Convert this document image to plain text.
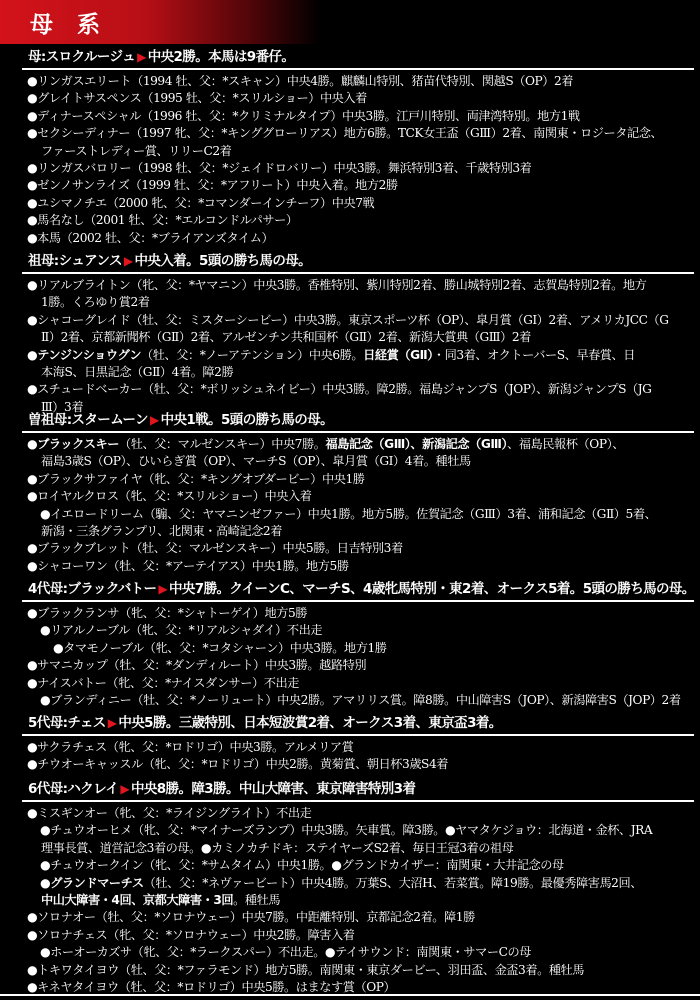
母 系
母:スロクルージュ ▶ 中央2勝。本馬は9番仔。
●リンガスエリート（1994 牡、父：*スキャン）中央4勝。麒麟山特別、猪苗代特別、関越S（OP）2着
●グレイトサスペンス（1995 牡、父：*スリルショー）中央入着
●ディナースペシャル（1996 牡、父：*クリミナルタイプ）中央3勝。江戸川特別、両津湾特別。地方1戦
●セクシーディナー（1997 牝、父：*キンググローリアス）地方6勝。TCK女王盃（GⅢ）2着、南関東・ロジータ記念、
ファーストレディー賞、リリーC2着
●リンガスバロリー（1998 牡、父：*ジェイドロバリー）中央3勝。舞浜特別3着、千歳特別3着
●ゼンノサンライズ（1999 牡、父：*アフリート）中央入着。地方2勝
●ユシマノチエ（2000 牝、父：*コマンダーインチーフ）中央7戦
●馬名なし（2001 牡、父：*エルコンドルパサー）
●本馬（2002 牡、父：*ブライアンズタイム）
祖母:シュアンス ▶ 中央入着。5頭の勝ち馬の母。
●リアルブライトン（牝、父：*ヤマニン）中央3勝。香椎特別、紫川特別2着、勝山城特別2着、志賀島特別2着。地方
1勝。くろゆり賞2着
●シャコーグレイド（牡、父：ミスターシービー）中央3勝。東京スポーツ杯（OP）、皐月賞（GⅠ）2着、アメリカJCC（G
Ⅱ）2着、京都新聞杯（GⅡ）2着、アルゼンチン共和国杯（GⅡ）2着、新潟大賞典（GⅢ）2着
●テンジンショウグン（牡、父：*ノーアテンション）中央6勝。日経賞（GⅡ）・同3着、オクトーバーS、早春賞、日
本海S、日黒記念（GⅡ）4着。障2勝
●スチュードベーカー（牡、父：*ボリッシュネイビー）中央3勝。障2勝。福島ジャンプS（JOP）、新潟ジャンプS（JG
Ⅲ）3着
曽祖母:スタームーン ▶ 中央1戦。5頭の勝ち馬の母。
●ブラックスキー（牡、父：マルゼンスキー）中央7勝。福島記念（GⅢ）、新潟記念（GⅢ）、福島民報杯（OP）、
福島3歳S（OP）、ひいらぎ賞（OP）、マーチS（OP）、皐月賞（GⅠ）4着。種牡馬
●ブラックサファイヤ（牝、父：*キングオブダービー）中央1勝
●ロイヤルクロス（牝、父：*スリルショー）中央入着
●イエロードリーム（騸、父：ヤマニンゼファー）中央1勝。地方5勝。佐賀記念（GⅢ）3着、浦和記念（GⅡ）5着、
新潟・三条グランプリ、北関東・高崎記念2着
●ブラックブレット（牡、父：マルゼンスキー）中央5勝。日吉特別3着
●シャコーワン（牡、父：*アーテイアス）中央1勝。地方5勝
4代母:ブラックバトー ▶ 中央7勝。クイーンC、マーチS、4歳牝馬特別・東2着、オークス5着。5頭の勝ち馬の母。
●ブラックランサ（牝、父：*シャトーゲイ）地方5勝
●リアルノーブル（牝、父：*リアルシャダイ）不出走
●タマモノーブル（牝、父：*コタシャーン）中央3勝。地方1勝
●サマニカップ（牡、父：*ダンディルート）中央3勝。越路特別
●ナイスバトー（牝、父：*ナイスダンサー）不出走
●ブランディニー（牡、父：*ノーリュート）中央2勝。アマリリス賞。障8勝。中山障害S（JOP）、新潟障害S（JOP）2着
5代母:チェス ▶ 中央5勝。三歳特別、日本短波賞2着、オークス3着、東京盃3着。
●サクラチェス（牝、父：*ロドリゴ）中央3勝。アルメリア賞
●チウオーキャッスル（牝、父：*ロドリゴ）中央2勝。黄菊賞、朝日杯3歳S4着
6代母:ハクレイ ▶ 中央8勝。障3勝。中山大障害、東京障害特別3着
●ミスギンオー（牝、父：*ライジングライト）不出走
●チュウオーヒメ（牝、父：*マイナーズランプ）中央3勝。矢車賞。障3勝。●ヤマタケジョウ：北海道・金杯、JRA
理事長賞、道営記念3着の母。●カミノカチドキ：ステイヤーズS2着、毎日王冠3着の祖母
●チュウオークイン（牝、父：*サムタイム）中央1勝。●グランドカイザー：南関東・大井記念の母
●グランドマーチス（牡、父：*ネヴァービート）中央4勝。万葉S、大沼H、若菜賞。障19勝。最優秀障害馬2回、
中山大障害・4回、京都大障害・3回。種牡馬
●ソロナオー（牡、父：*ソロナウェー）中央7勝。中距離特別、京都記念2着。障1勝
●ソロナチェス（牝、父：*ソロナウェー）中央2勝。障害入着
●ホーオーカズサ（牝、父：*ラークスパー）不出走。●テイサウンド：南関東・サマーCの母
●トキワタイヨウ（牡、父：*ファラモンド）地方5勝。南関東・東京ダービー、羽田盃、金盃3着。種牡馬
●キネヤタイヨウ（牡、父：*ロドリゴ）中央5勝。はまなす賞（OP）
